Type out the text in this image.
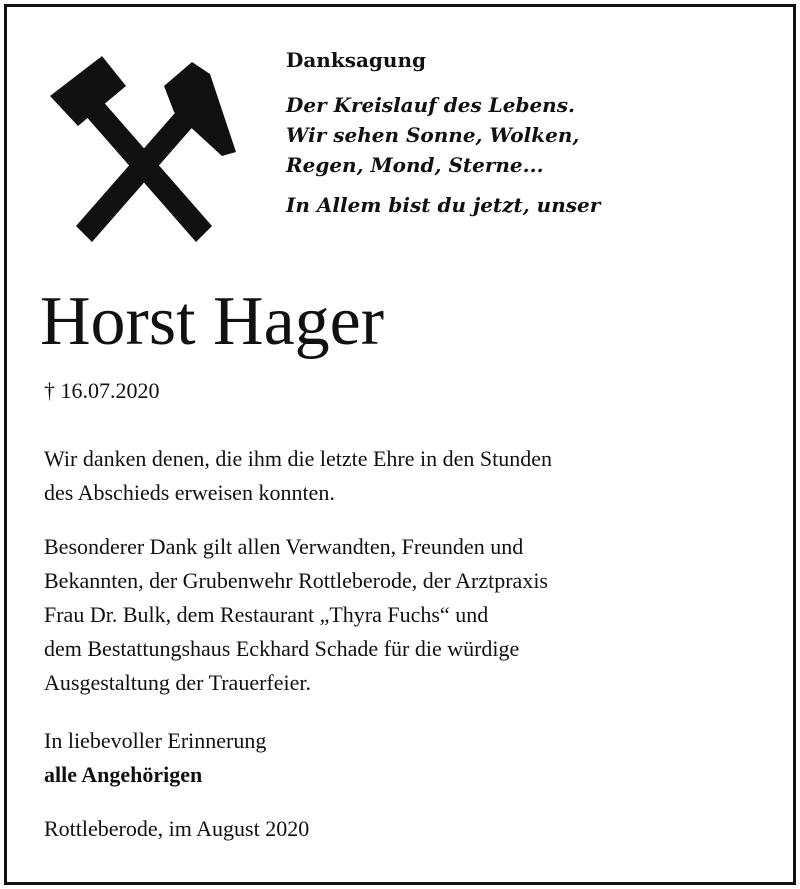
Danksagung
Der Kreislauf des Lebens.
Wir sehen Sonne, Wolken,
Regen, Mond, Sterne...
In Allem bist du jetzt, unser
Horst Hager
† 16.07.2020
Wir danken denen, die ihm die letzte Ehre in den Stunden
des Abschieds erweisen konnten.
Besonderer Dank gilt allen Verwandten, Freunden und
Bekannten, der Grubenwehr Rottleberode, der Arztpraxis
Frau Dr. Bulk, dem Restaurant „Thyra Fuchs“ und
dem Bestattungshaus Eckhard Schade für die würdige
Ausgestaltung der Trauerfeier.
In liebevoller Erinnerung
alle Angehörigen
Rottleberode, im August 2020
